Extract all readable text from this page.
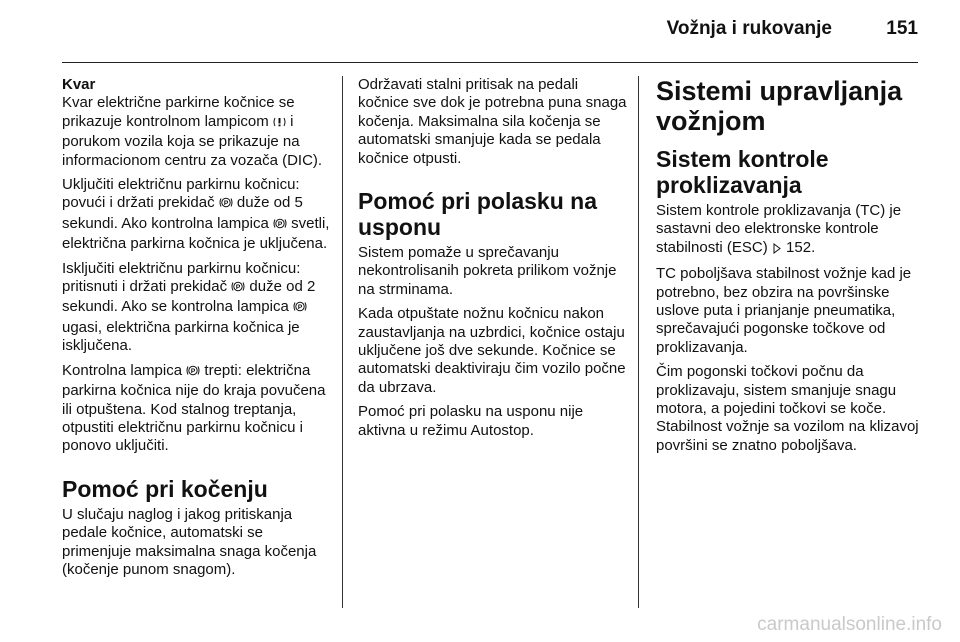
Vožnja i rukovanje	151

Kvar

Kvar električne parkirne kočnice se prikazuje kontrolnom lampicom  i porukom vozila koja se prikazuje na informacionom centru za vozača (DIC).

Uključiti električnu parkirnu kočnicu: povući i držati prekidač P duže od 5 sekundi. Ako kontrolna lampica P svetli, električna parkirna kočnica je uključena.

Isključiti električnu parkirnu kočnicu: pritisnuti i držati prekidač P duže od 2 sekundi. Ako se kontrolna lampica P
ugasi, električna parkirna kočnica je isključena.

Kontrolna lampica P trepti: električna parkirna kočnica nije do kraja povučena ili otpuštena. Kod stalnog treptanja, otpustiti električnu parkirnu kočnicu i ponovo uključiti.

Pomoć pri kočenju

U slučaju naglog i jakog pritiskanja pedale kočnice, automatski se primenjuje maksimalna snaga kočenja (kočenje punom snagom).

Održavati stalni pritisak na pedali kočnice sve dok je potrebna puna snaga kočenja. Maksimalna sila kočenja se automatski smanjuje kada se pedala kočnice otpusti.

Pomoć pri polasku na usponu

Sistem pomaže u sprečavanju nekontrolisanih pokreta prilikom vožnje na strminama.

Kada otpuštate nožnu kočnicu nakon zaustavljanja na uzbrdici, kočnice ostaju uključene još dve sekunde. Kočnice se automatski deaktiviraju čim vozilo počne da ubrzava.

Pomoć pri polasku na usponu nije aktivna u režimu Autostop.

Sistemi upravljanja vožnjom

Sistem kontrole proklizavanja

Sistem kontrole proklizavanja (TC) je sastavni deo elektronske kontrole stabilnosti (ESC)  152.

TC poboljšava stabilnost vožnje kad je potrebno, bez obzira na površinske uslove puta i prianjanje pneumatika, sprečavajući pogonske točkove od proklizavanja.

Čim pogonski točkovi počnu da proklizavaju, sistem smanjuje snagu motora, a pojedini točkovi se koče. Stabilnost vožnje sa vozilom na klizavoj površini se znatno poboljšava.

carmanualsonline.info
